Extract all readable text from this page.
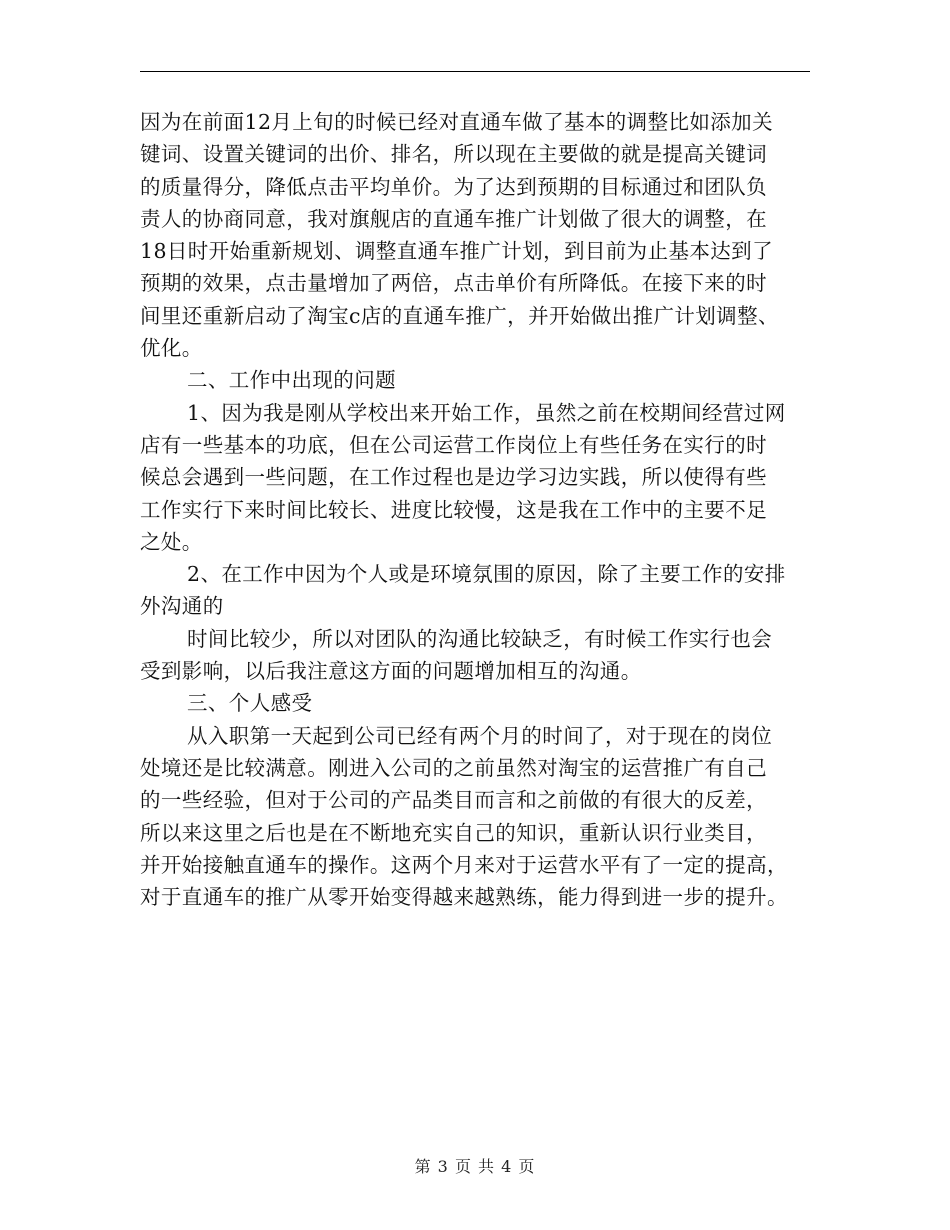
因为在前面12月上旬的时候已经对直通车做了基本的调整比如添加关
键词、设置关键词的出价、排名，所以现在主要做的就是提高关键词
的质量得分，降低点击平均单价。为了达到预期的目标通过和团队负
责人的协商同意，我对旗舰店的直通车推广计划做了很大的调整，在
18日时开始重新规划、调整直通车推广计划，到目前为止基本达到了
预期的效果，点击量增加了两倍，点击单价有所降低。在接下来的时
间里还重新启动了淘宝c店的直通车推广，并开始做出推广计划调整、
优化。

二、工作中出现的问题

1、因为我是刚从学校出来开始工作，虽然之前在校期间经营过网
店有一些基本的功底，但在公司运营工作岗位上有些任务在实行的时
候总会遇到一些问题，在工作过程也是边学习边实践，所以使得有些
工作实行下来时间比较长、进度比较慢，这是我在工作中的主要不足
之处。

2、在工作中因为个人或是环境氛围的原因，除了主要工作的安排
外沟通的

时间比较少，所以对团队的沟通比较缺乏，有时候工作实行也会
受到影响，以后我注意这方面的问题增加相互的沟通。

三、个人感受

从入职第一天起到公司已经有两个月的时间了，对于现在的岗位
处境还是比较满意。刚进入公司的之前虽然对淘宝的运营推广有自己
的一些经验，但对于公司的产品类目而言和之前做的有很大的反差，
所以来这里之后也是在不断地充实自己的知识，重新认识行业类目，
并开始接触直通车的操作。这两个月来对于运营水平有了一定的提高，
对于直通车的推广从零开始变得越来越熟练，能力得到进一步的提升。

第 3 页 共 4 页
